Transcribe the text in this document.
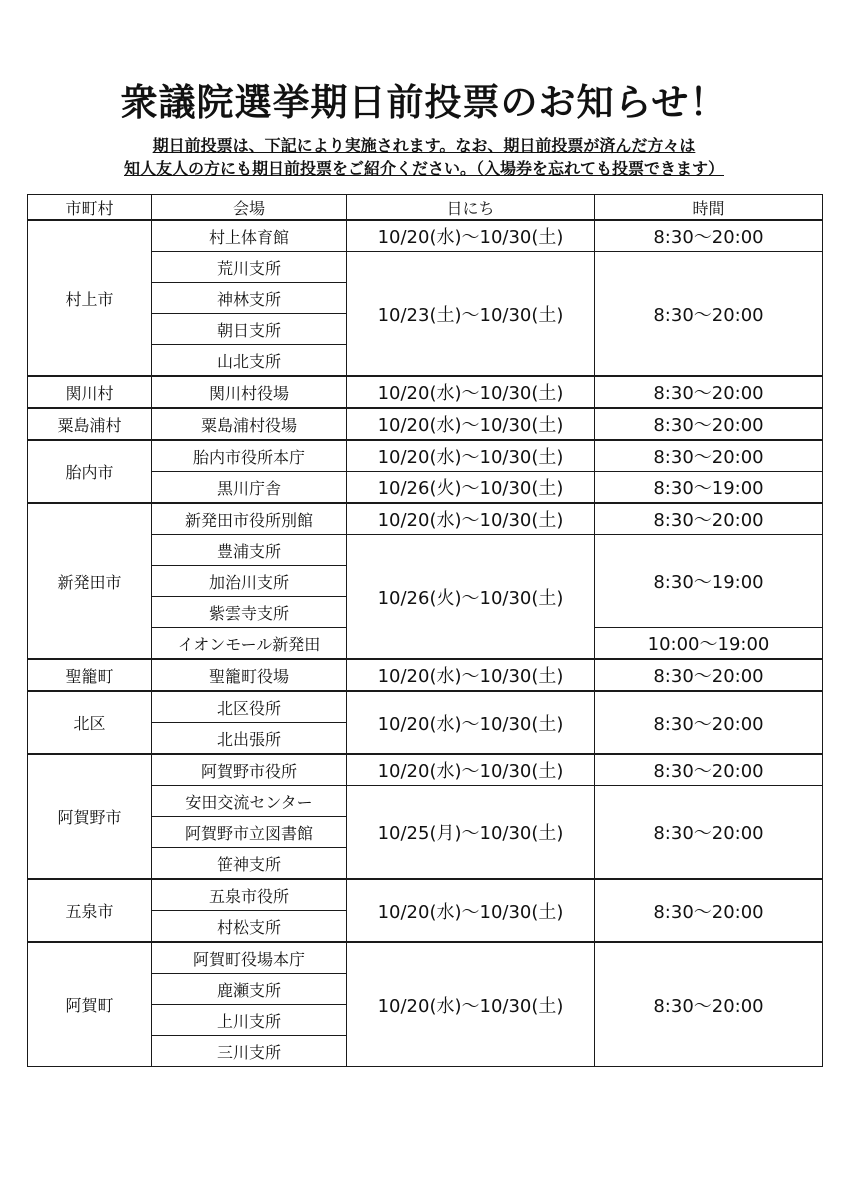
衆議院選挙期日前投票のお知らせ！
期日前投票は、下記により実施されます。なお、期日前投票が済んだ方々は
知人友人の方にも期日前投票をご紹介ください。（入場券を忘れても投票できます）
市町村	会場	日にち	時間
村上市	村上体育館	10/20(水)～10/30(土)	8:30～20:00
	荒川支所	10/23(土)～10/30(土)	8:30～20:00
	神林支所		
	朝日支所		
	山北支所		
関川村	関川村役場	10/20(水)～10/30(土)	8:30～20:00
粟島浦村	粟島浦村役場	10/20(水)～10/30(土)	8:30～20:00
胎内市	胎内市役所本庁	10/20(水)～10/30(土)	8:30～20:00
	黒川庁舎	10/26(火)～10/30(土)	8:30～19:00
新発田市	新発田市役所別館	10/20(水)～10/30(土)	8:30～20:00
	豊浦支所	10/26(火)～10/30(土)	8:30～19:00
	加治川支所		
	紫雲寺支所		
	イオンモール新発田		10:00～19:00
聖籠町	聖籠町役場	10/20(水)～10/30(土)	8:30～20:00
北区	北区役所	10/20(水)～10/30(土)	8:30～20:00
	北出張所		
阿賀野市	阿賀野市役所	10/20(水)～10/30(土)	8:30～20:00
	安田交流センター	10/25(月)～10/30(土)	8:30～20:00
	阿賀野市立図書館		
	笹神支所		
五泉市	五泉市役所	10/20(水)～10/30(土)	8:30～20:00
	村松支所		
阿賀町	阿賀町役場本庁	10/20(水)～10/30(土)	8:30～20:00
	鹿瀬支所		
	上川支所		
	三川支所		
